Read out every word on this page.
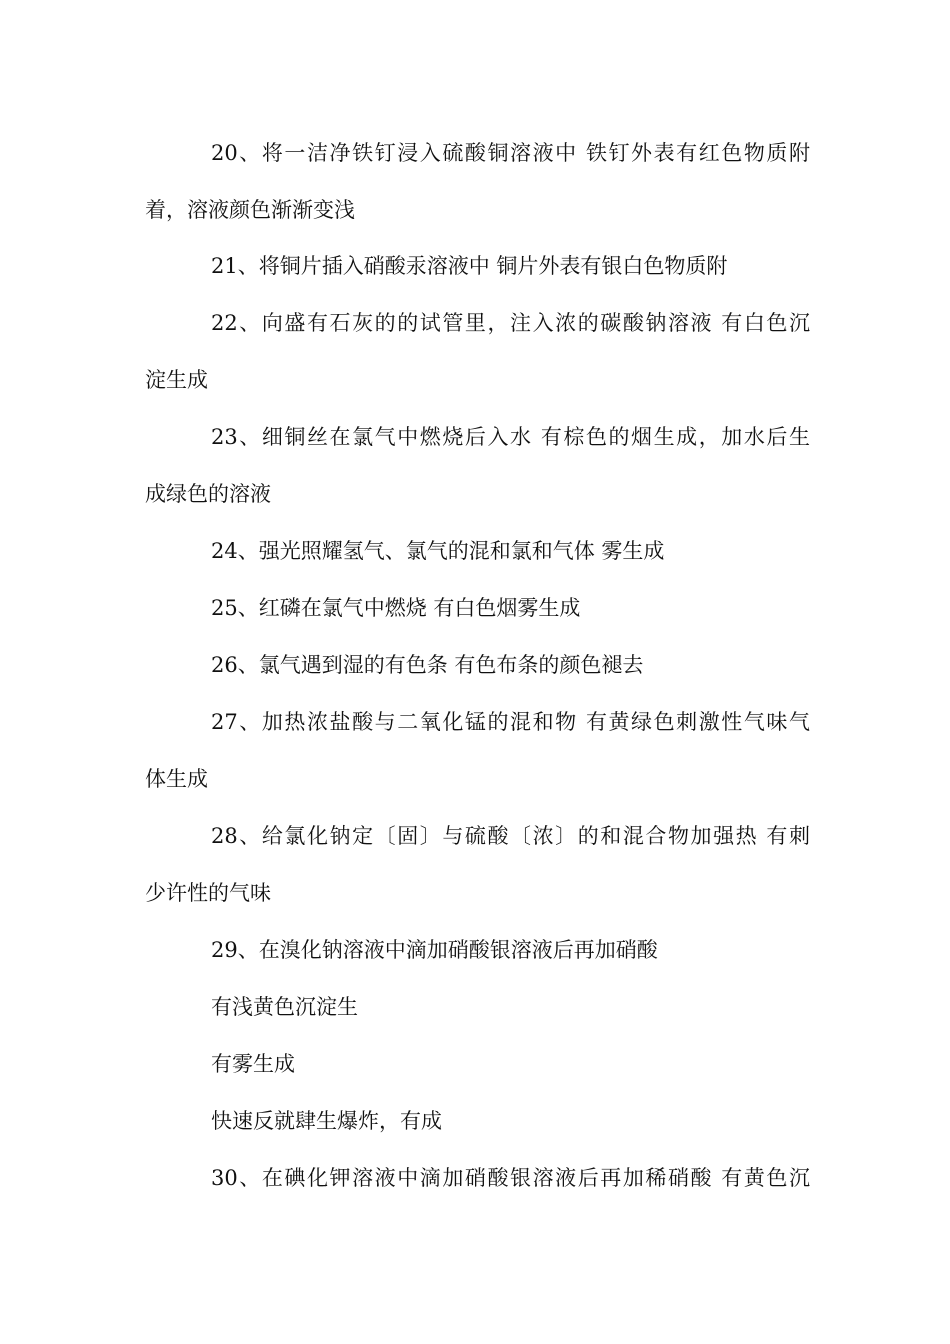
20、将一洁净铁钉浸入硫酸铜溶液中 铁钉外表有红色物质附
着，溶液颜色渐渐变浅
21、将铜片插入硝酸汞溶液中 铜片外表有银白色物质附
22、向盛有石灰的的试管里，注入浓的碳酸钠溶液 有白色沉
淀生成
23、细铜丝在氯气中燃烧后入水 有棕色的烟生成，加水后生
成绿色的溶液
24、强光照耀氢气、氯气的混和氯和气体 雾生成
25、红磷在氯气中燃烧 有白色烟雾生成
26、氯气遇到湿的有色条 有色布条的颜色褪去
27、加热浓盐酸与二氧化锰的混和物 有黄绿色刺激性气味气
体生成
28、给氯化钠定〔固〕与硫酸〔浓〕的和混合物加强热 有刺
少许性的气味
29、在溴化钠溶液中滴加硝酸银溶液后再加硝酸
有浅黄色沉淀生
有雾生成
快速反就肆生爆炸，有成
30、在碘化钾溶液中滴加硝酸银溶液后再加稀硝酸 有黄色沉
